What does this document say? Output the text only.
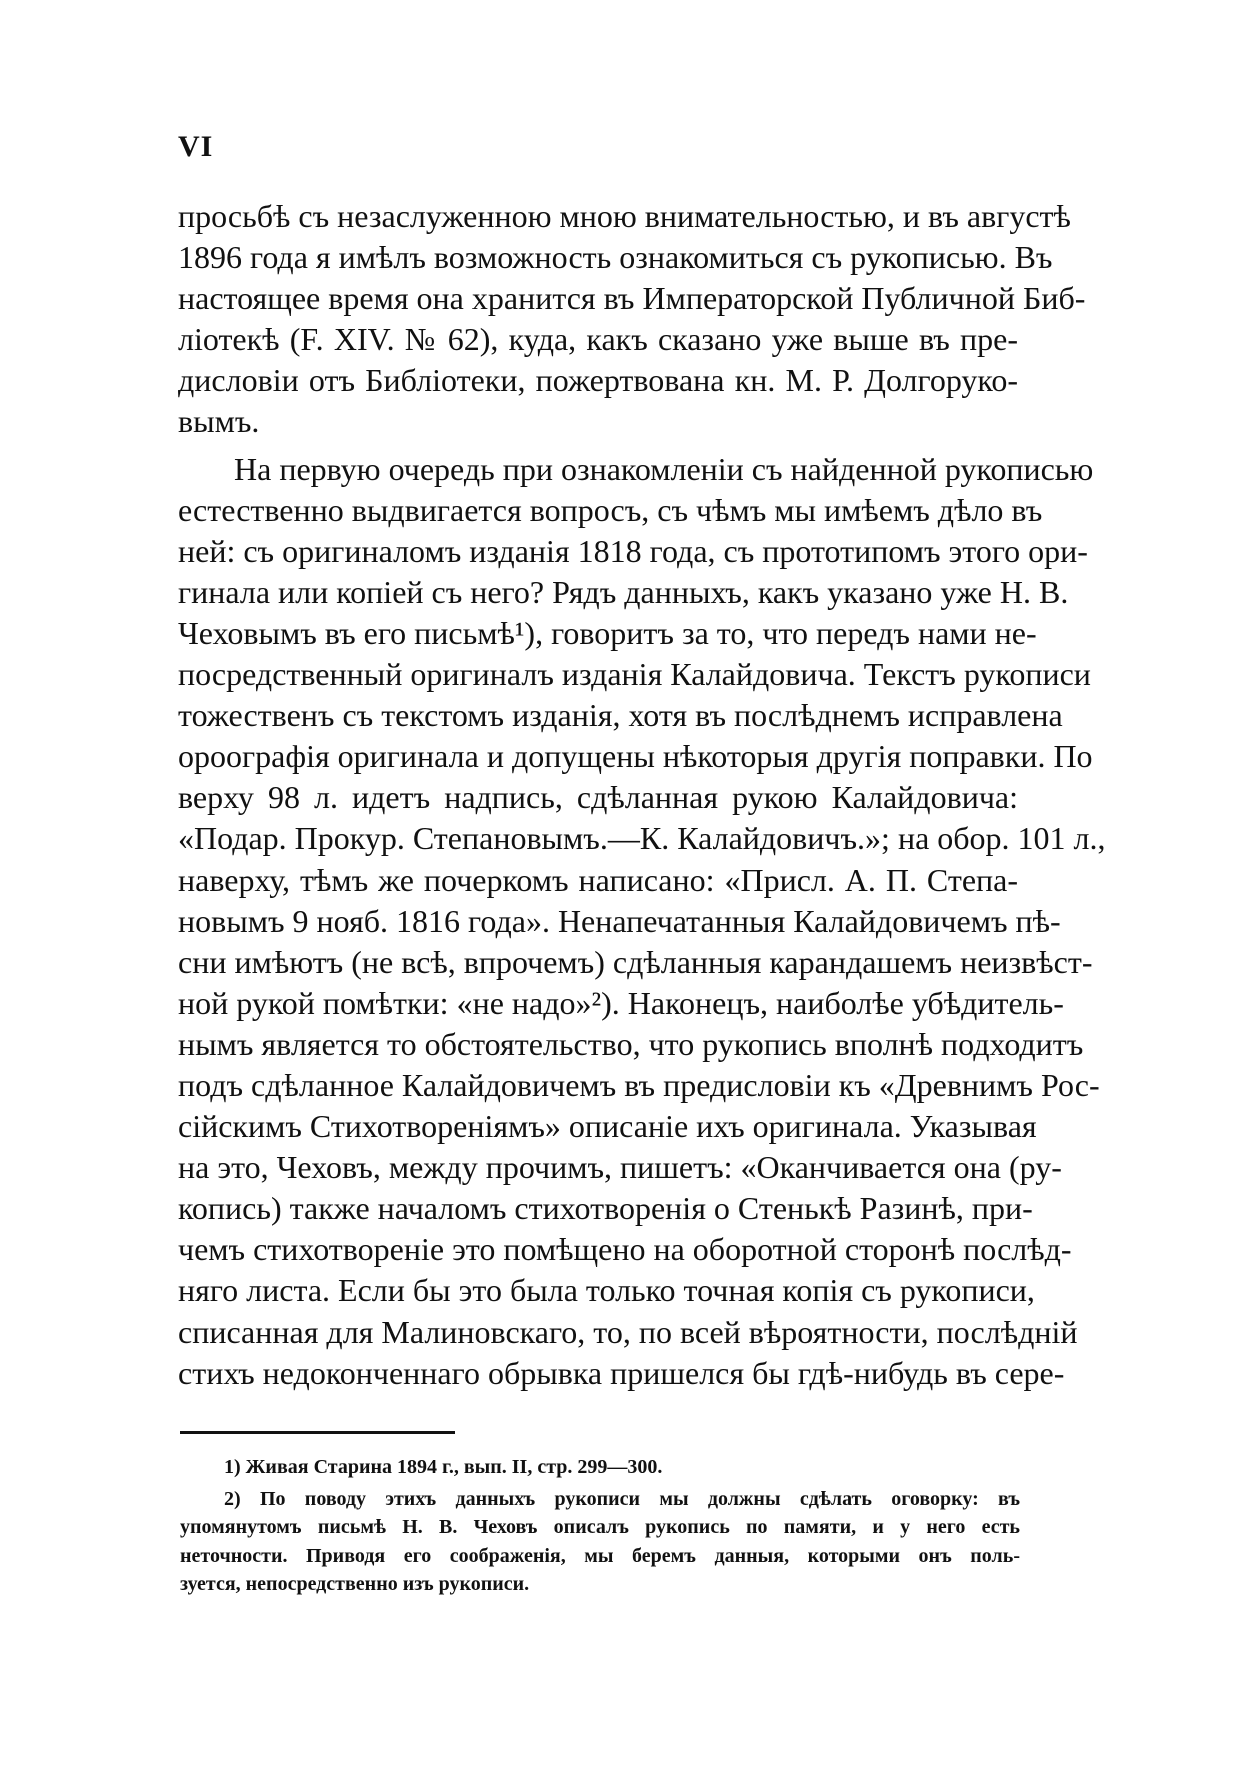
VI
просьбѣ съ незаслуженною мною внимательностью, и въ августѣ
1896 года я имѣлъ возможность ознакомиться съ рукописью. Въ
настоящее время она хранится въ Императорской Публичной Биб-
ліотекѣ (F. XIV. № 62), куда, какъ сказано уже выше въ пре-
дисловіи отъ Библіотеки, пожертвована кн. М. Р. Долгоруко-
вымъ.
На первую очередь при ознакомленіи съ найденной рукописью
естественно выдвигается вопросъ, съ чѣмъ мы имѣемъ дѣло въ
ней: съ оригиналомъ изданія 1818 года, съ прототипомъ этого ори-
гинала или копіей съ него? Рядъ данныхъ, какъ указано уже Н. В.
Чеховымъ въ его письмѣ¹), говоритъ за то, что передъ нами не-
посредственный оригиналъ изданія Калайдовича. Текстъ рукописи
тожественъ съ текстомъ изданія, хотя въ послѣднемъ исправлена
ороографія оригинала и допущены нѣкоторыя другія поправки. По
верху 98 л. идетъ надпись, сдѣланная рукою Калайдовича:
«Подар. Прокур. Степановымъ.—К. Калайдовичъ.»; на обор. 101 л.,
наверху, тѣмъ же почеркомъ написано: «Присл. А. П. Степа-
новымъ 9 нояб. 1816 года». Ненапечатанныя Калайдовичемъ пѣ-
сни имѣютъ (не всѣ, впрочемъ) сдѣланныя карандашемъ неизвѣст-
ной рукой помѣтки: «не надо»²). Наконецъ, наиболѣе убѣдитель-
нымъ является то обстоятельство, что рукопись вполнѣ подходитъ
подъ сдѣланное Калайдовичемъ въ предисловіи къ «Древнимъ Рос-
сійскимъ Стихотвореніямъ» описаніе ихъ оригинала. Указывая
на это, Чеховъ, между прочимъ, пишетъ: «Оканчивается она (ру-
копись) также началомъ стихотворенія о Стенькѣ Разинѣ, при-
чемъ стихотвореніе это помѣщено на оборотной сторонѣ послѣд-
няго листа. Если бы это была только точная копія съ рукописи,
списанная для Малиновскаго, то, по всей вѣроятности, послѣдній
стихъ недоконченнаго обрывка пришелся бы гдѣ-нибудь въ сере-
1) Живая Старина 1894 г., вып. II, стр. 299—300.
2) По поводу этихъ данныхъ рукописи мы должны сдѣлать оговорку: въ
упомянутомъ письмѣ Н. В. Чеховъ описалъ рукопись по памяти, и у него есть
неточности. Приводя его соображенія, мы беремъ данныя, которыми онъ поль-
зуется, непосредственно изъ рукописи.
